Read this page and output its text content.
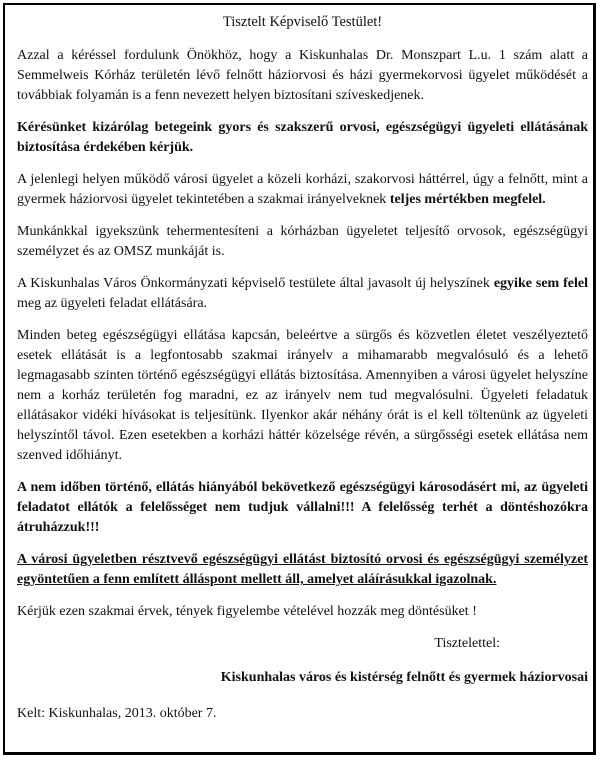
Tisztelt Képviselő Testület!

Azzal a kéréssel fordulunk Önökhöz, hogy a Kiskunhalas Dr. Monszpart L.u. 1 szám alatt a Semmelweis Kórház területén lévő felnőtt háziorvosi és házi gyermekorvosi ügyelet működését a továbbiak folyamán is a fenn nevezett helyen biztosítani szíveskedjenek.

Kérésünket kizárólag betegeink gyors és szakszerű orvosi, egészségügyi ügyeleti ellátásának biztosítása érdekében kérjük.

A jelenlegi helyen működő városi ügyelet a közeli korházi, szakorvosi háttérrel, úgy a felnőtt, mint a gyermek háziorvosi ügyelet tekintetében a szakmai irányelveknek teljes mértékben megfelel.

Munkánkkal igyekszünk tehermentesíteni a kórházban ügyeletet teljesítő orvosok, egészségügyi személyzet és az OMSZ munkáját is.

A Kiskunhalas Város Önkormányzati képviselő testülete által javasolt új helyszínek egyike sem felel meg az ügyeleti feladat ellátására.

Minden beteg egészségügyi ellátása kapcsán, beleértve a sürgős és közvetlen életet veszélyeztető esetek ellátását is a legfontosabb szakmai irányelv a mihamarabb megvalósuló és a lehető legmagasabb szinten történő egészségügyi ellátás biztosítása. Amennyiben a városi ügyelet helyszíne nem a korház területén fog maradni, ez az irányelv nem tud megvalósulni. Ügyeleti feladatuk ellátásakor vidéki hívásokat is teljesítünk. Ilyenkor akár néhány órát is el kell töltenünk az ügyeleti helyszíntől távol. Ezen esetekben a korházi háttér közelsége révén, a sürgősségi esetek ellátása nem szenved időhiányt.

A nem időben történő, ellátás hiányából bekövetkező egészségügyi károsodásért mi, az ügyeleti feladatot ellátók a felelősséget nem tudjuk vállalni!!! A felelősség terhét a döntéshozókra átruházzuk!!!

A városi ügyeletben résztvevő egészségügyi ellátást biztosító orvosi és egészségügyi személyzet egyöntetűen a fenn említett álláspont mellett áll, amelyet aláírásukkal igazolnak.

Kérjük ezen szakmai érvek, tények figyelembe vételével hozzák meg döntésüket !

Tisztelettel:
Kiskunhalas város és kistérség felnőtt és gyermek háziorvosai
Kelt: Kiskunhalas, 2013. október 7.
